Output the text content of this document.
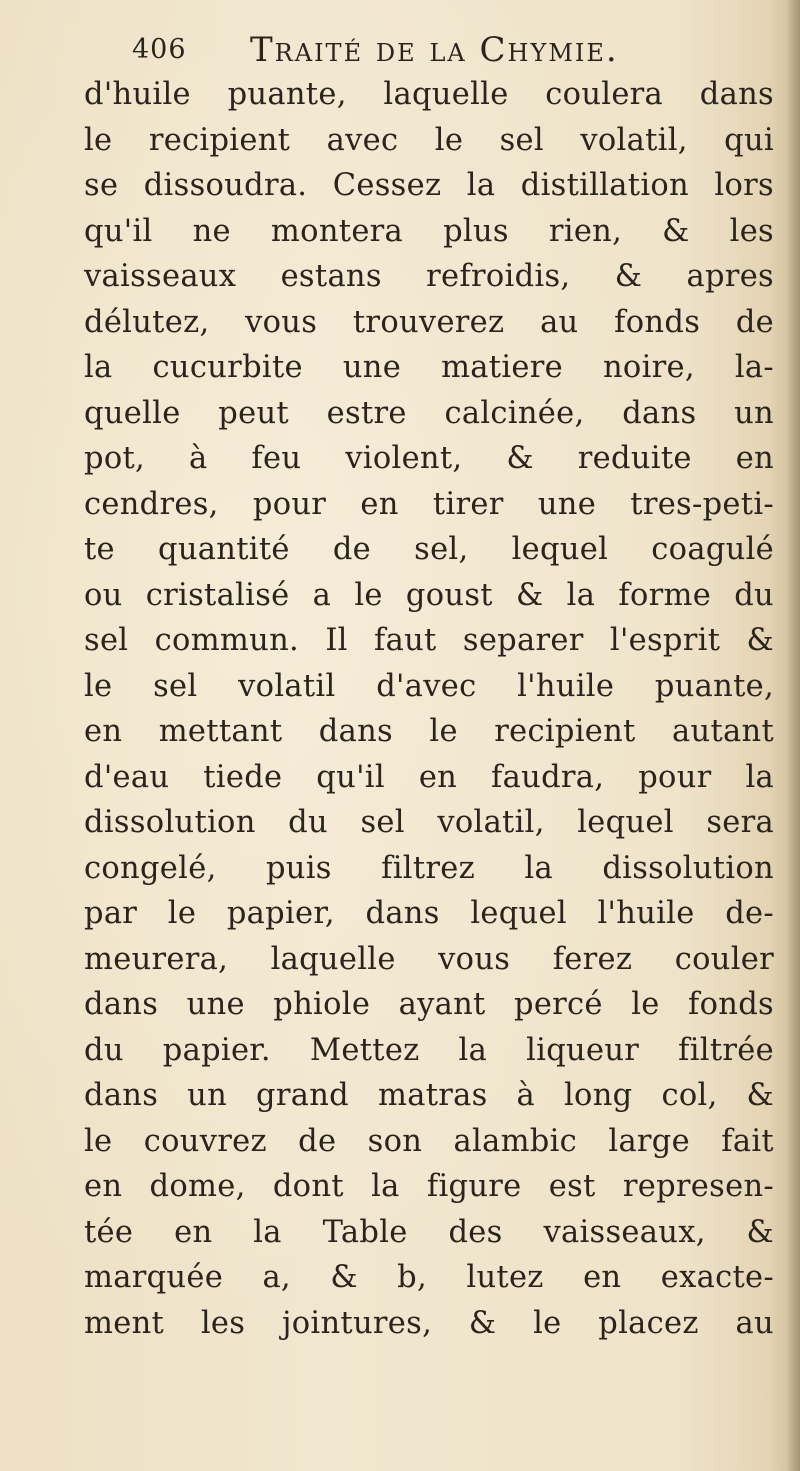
406 Traité de la Chymie.
d'huile puante, laquelle coulera dans
le recipient avec le sel volatil, qui
se dissoudra. Cessez la distillation lors
qu'il ne montera plus rien, & les
vaisseaux estans refroidis, & apres
délutez, vous trouverez au fonds de
la cucurbite une matiere noire, la-
quelle peut estre calcinée, dans un
pot, à feu violent, & reduite en
cendres, pour en tirer une tres-peti-
te quantité de sel, lequel coagulé
ou cristalisé a le goust & la forme du
sel commun. Il faut separer l'esprit &
le sel volatil d'avec l'huile puante,
en mettant dans le recipient autant
d'eau tiede qu'il en faudra, pour la
dissolution du sel volatil, lequel sera
congelé, puis filtrez la dissolution
par le papier, dans lequel l'huile de-
meurera, laquelle vous ferez couler
dans une phiole ayant percé le fonds
du papier. Mettez la liqueur filtrée
dans un grand matras à long col, &
le couvrez de son alambic large fait
en dome, dont la figure est represen-
tée en la Table des vaisseaux, &
marquée a, & b, lutez en exacte-
ment les jointures, & le placez au
